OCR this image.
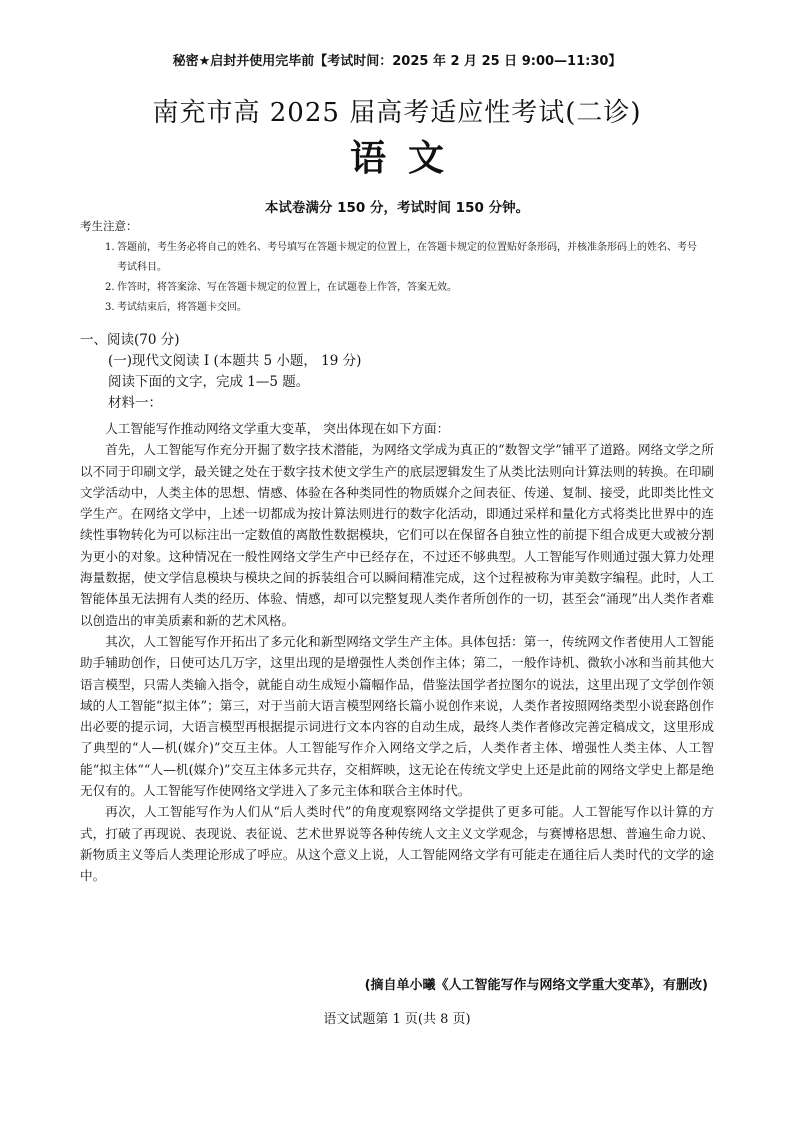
秘密★启封并使用完毕前【考试时间：2025 年 2 月 25 日 9:00—11:30】
南充市高 2025 届高考适应性考试(二诊)
语文
本试卷满分 150 分，考试时间 150 分钟。
考生注意：
1. 答题前，考生务必将自己的姓名、考号填写在答题卡规定的位置上，在答题卡规定的位置贴好条形码，并核准条形码上的姓名、考号 考试科目。
2. 作答时，将答案涂、写在答题卡规定的位置上，在试题卷上作答，答案无效。
3. 考试结束后，将答题卡交回。
一、阅读(70 分)
(一)现代文阅读 I (本题共 5 小题， 19 分)
阅读下面的文字，完成 1—5 题。
材料一：

人工智能写作推动网络文学重大变革， 突出体现在如下方面：

首先，人工智能写作充分开掘了数字技术潜能，为网络文学成为真正的“数智文学”铺平了道路。网络文学之所以不同于印刷文学，最关键之处在于数字技术使文学生产的底层逻辑发生了从类比法则向计算法则的转换。在印刷文学活动中，人类主体的思想、情感、体验在各种类同性的物质媒介之间表征、传递、复制、接受，此即类比性文学生产。在网络文学中，上述一切都成为按计算法则进行的数字化活动，即通过采样和量化方式将类比世界中的连续性事物转化为可以标注出一定数值的离散性数据模块，它们可以在保留各自独立性的前提下组合成更大或被分割为更小的对象。这种情况在一般性网络文学生产中已经存在，不过还不够典型。人工智能写作则通过强大算力处理海量数据，使文学信息模块与模块之间的拆装组合可以瞬间精准完成，这个过程被称为审美数字编程。此时，人工智能体虽无法拥有人类的经历、体验、情感，却可以完整复现人类作者所创作的一切，甚至会“涌现”出人类作者难以创造出的审美质素和新的艺术风格。

其次，人工智能写作开拓出了多元化和新型网络文学生产主体。具体包括：第一，传统网文作者使用人工智能助手辅助创作，日使可达几万字，这里出现的是增强性人类创作主体；第二，一般作诗机、微软小冰和当前其他大语言模型，只需人类输入指令，就能自动生成短小篇幅作品，借鉴法国学者拉图尔的说法，这里出现了文学创作领域的人工智能“拟主体”；第三，对于当前大语言模型网络长篇小说创作来说，人类作者按照网络类型小说套路创作出必要的提示词，大语言模型再根据提示词进行文本内容的自动生成，最终人类作者修改完善定稿成文，这里形成了典型的“人—机(媒介)”交互主体。人工智能写作介入网络文学之后，人类作者主体、增强性人类主体、人工智能“拟主体”“人—机(媒介)”交互主体多元共存，交相辉映，这无论在传统文学史上还是此前的网络文学史上都是绝无仅有的。人工智能写作使网络文学进入了多元主体和联合主体时代。

再次，人工智能写作为人们从“后人类时代”的角度观察网络文学提供了更多可能。人工智能写作以计算的方式，打破了再现说、表现说、表征说、艺术世界说等各种传统人文主义文学观念，与赛博格思想、普遍生命力说、新物质主义等后人类理论形成了呼应。从这个意义上说，人工智能网络文学有可能走在通往后人类时代的文学的途中。

(摘自单小曦《人工智能写作与网络文学重大变革》，有删改)
语文试题第 1 页(共 8 页)
